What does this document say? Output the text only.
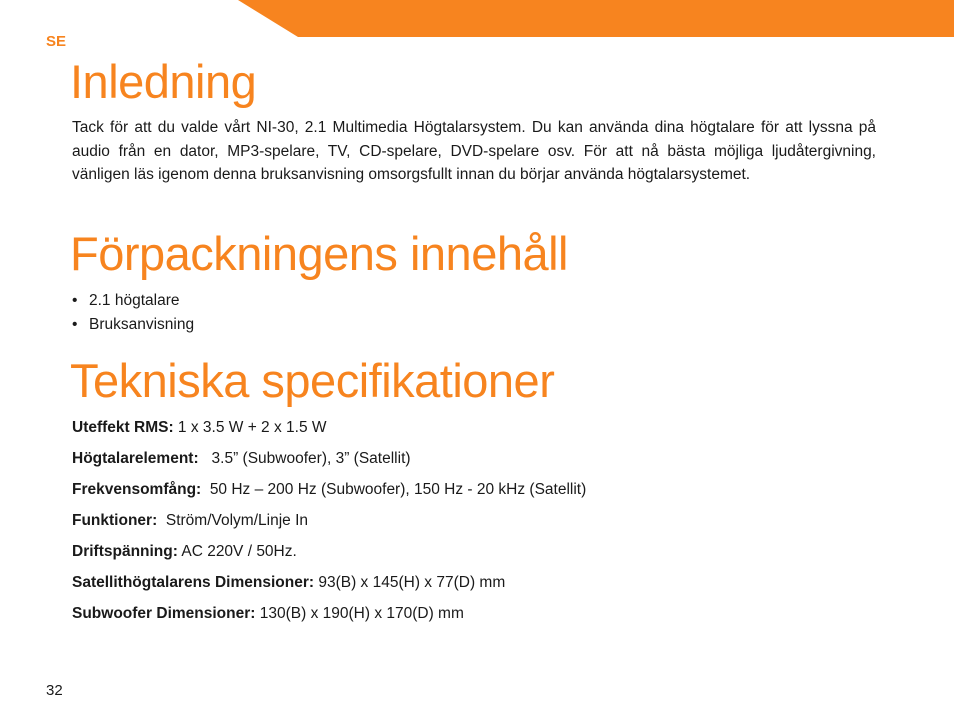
SE
Inledning

Tack för att du valde vårt NI-30, 2.1 Multimedia Högtalarsystem. Du kan använda dina högtalare för att lyssna på audio från en dator, MP3-spelare, TV, CD-spelare, DVD-spelare osv. För att nå bästa möjliga ljudåtergivning, vänligen läs igenom denna bruksanvisning omsorgsfullt innan du börjar använda högtalarsystemet.

Förpackningens innehåll
• 2.1 högtalare
• Bruksanvisning
Tekniska specifikationer
Uteffekt RMS: 1 x 3.5 W + 2 x 1.5 W
Högtalarelement:   3.5” (Subwoofer), 3” (Satellit)
Frekvensomfång:  50 Hz – 200 Hz (Subwoofer), 150 Hz - 20 kHz (Satellit)
Funktioner:  Ström/Volym/Linje In
Driftspänning: AC 220V / 50Hz.
Satellithögtalarens Dimensioner: 93(B) x 145(H) x 77(D) mm
Subwoofer Dimensioner: 130(B) x 190(H) x 170(D) mm
32
